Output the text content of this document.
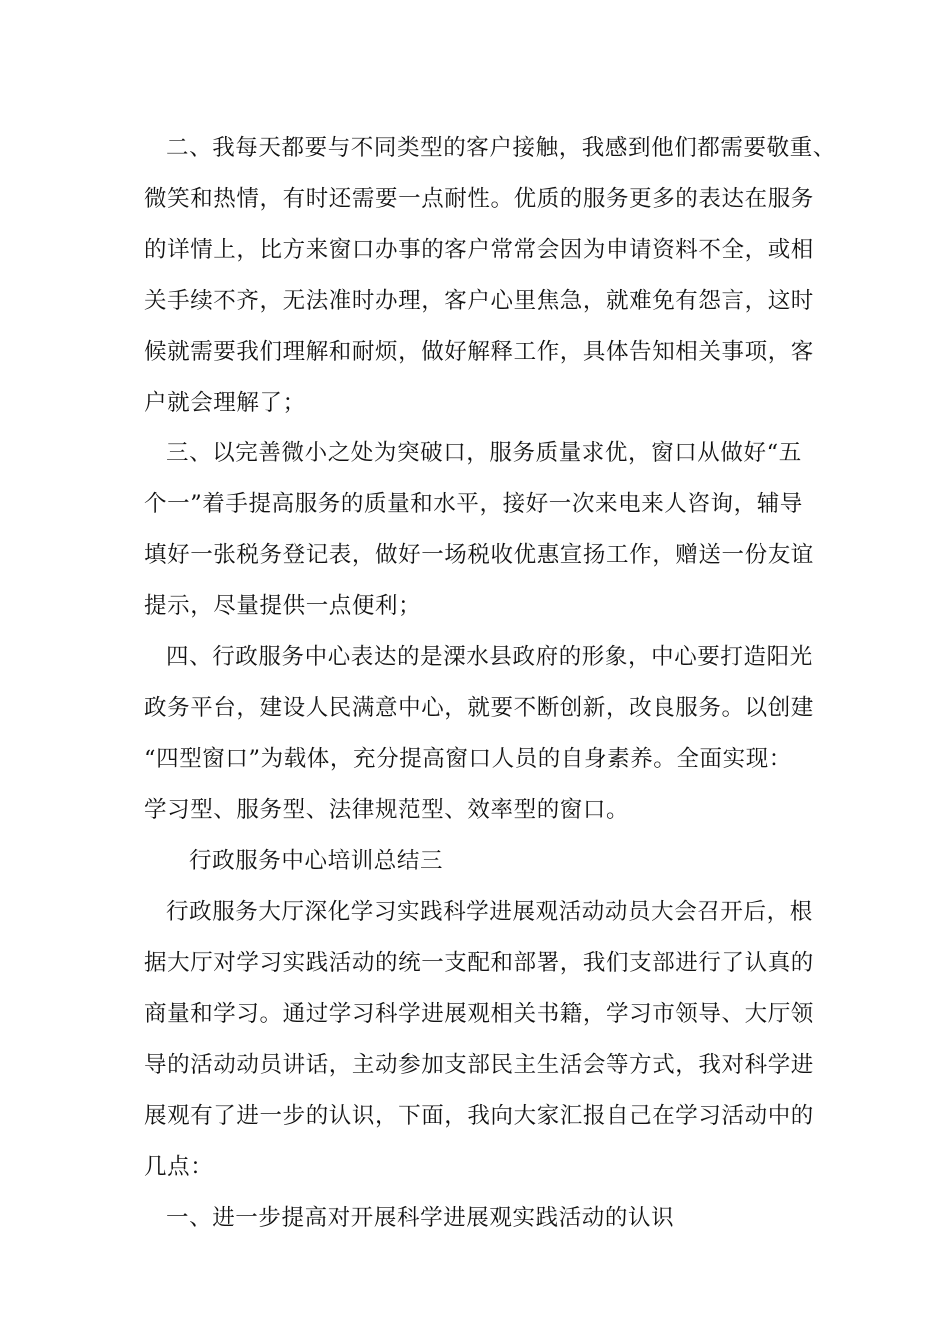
二、我每天都要与不同类型的客户接触，我感到他们都需要敬重、

微笑和热情，有时还需要一点耐性。优质的服务更多的表达在服务

的详情上，比方来窗口办事的客户常常会因为申请资料不全，或相

关手续不齐，无法准时办理，客户心里焦急，就难免有怨言，这时

候就需要我们理解和耐烦，做好解释工作，具体告知相关事项，客

户就会理解了；

三、以完善微小之处为突破口，服务质量求优，窗口从做好“五

个一”着手提高服务的质量和水平，接好一次来电来人咨询，辅导

填好一张税务登记表，做好一场税收优惠宣扬工作，赠送一份友谊

提示，尽量提供一点便利；

四、行政服务中心表达的是溧水县政府的形象，中心要打造阳光

政务平台，建设人民满意中心，就要不断创新，改良服务。以创建

“四型窗口”为载体，充分提高窗口人员的自身素养。全面实现：

学习型、服务型、法律规范型、效率型的窗口。

行政服务中心培训总结三

行政服务大厅深化学习实践科学进展观活动动员大会召开后，根

据大厅对学习实践活动的统一支配和部署，我们支部进行了认真的

商量和学习。通过学习科学进展观相关书籍，学习市领导、大厅领

导的活动动员讲话，主动参加支部民主生活会等方式，我对科学进

展观有了进一步的认识，下面，我向大家汇报自己在学习活动中的

几点：

一、进一步提高对开展科学进展观实践活动的认识
